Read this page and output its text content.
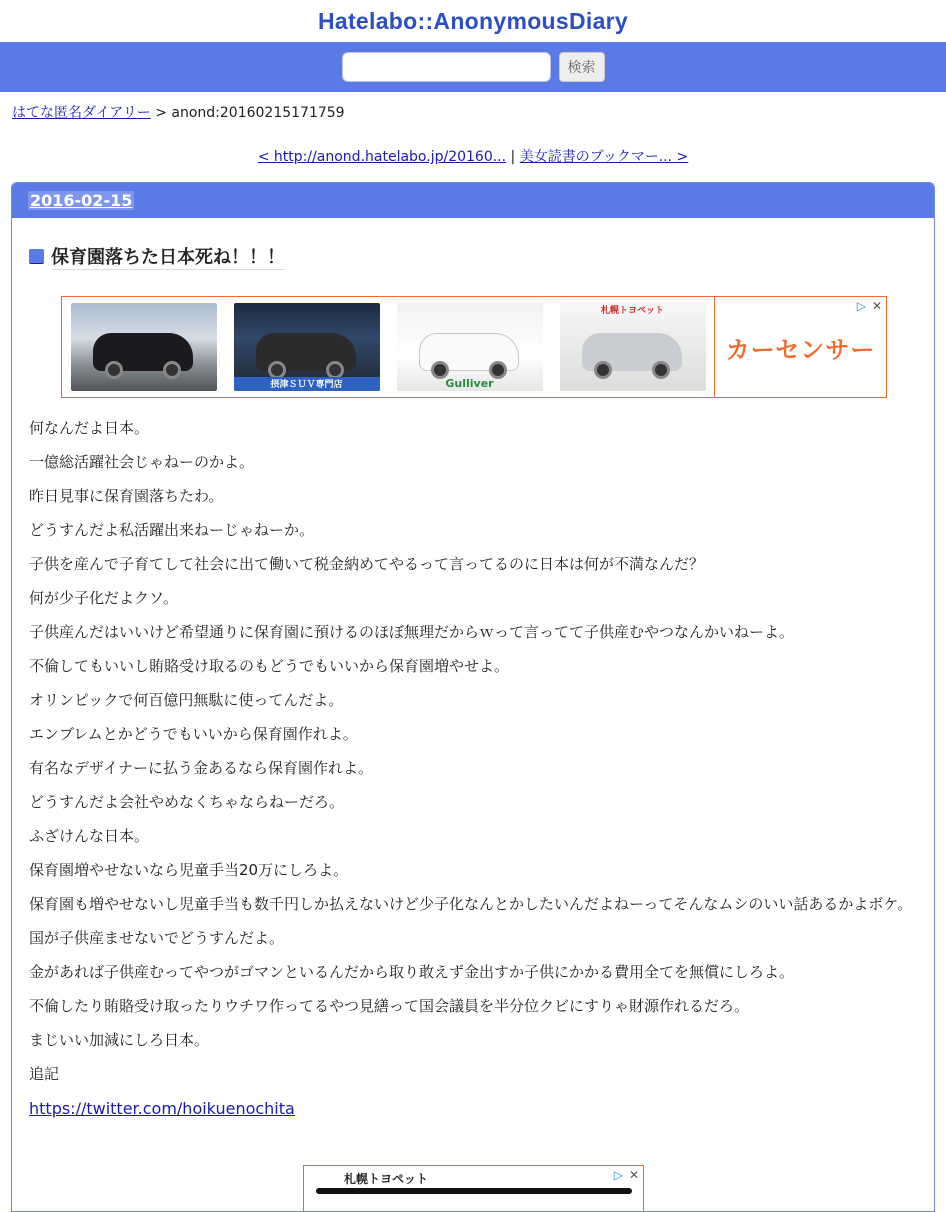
Hatelabo::AnonymousDiary
検索
はてな匿名ダイアリー > anond:20160215171759
< http://anond.hatelabo.jp/20160... | 美女読書のブックマー... >
2016-02-15
保育園落ちた日本死ね！！！
摂津ＳＵＶ専門店	Gulliver
札幌トヨペット
カーセンサー
▷ ✕

何なんだよ日本。

一億総活躍社会じゃねーのかよ。

昨日見事に保育園落ちたわ。

どうすんだよ私活躍出来ねーじゃねーか。

子供を産んで子育てして社会に出て働いて税金納めてやるって言ってるのに日本は何が不満なんだ？

何が少子化だよクソ。

子供産んだはいいけど希望通りに保育園に預けるのほぼ無理だからｗって言ってて子供産むやつなんかいねーよ。

不倫してもいいし賄賂受け取るのもどうでもいいから保育園増やせよ。

オリンピックで何百億円無駄に使ってんだよ。

エンブレムとかどうでもいいから保育園作れよ。

有名なデザイナーに払う金あるなら保育園作れよ。

どうすんだよ会社やめなくちゃならねーだろ。

ふざけんな日本。

保育園増やせないなら児童手当20万にしろよ。

保育園も増やせないし児童手当も数千円しか払えないけど少子化なんとかしたいんだよねーってそんなムシのいい話あるかよボケ。

国が子供産ませないでどうすんだよ。

金があれば子供産むってやつがゴマンといるんだから取り敢えず金出すか子供にかかる費用全てを無償にしろよ。

不倫したり賄賂受け取ったりウチワ作ってるやつ見繕って国会議員を半分位クビにすりゃ財源作れるだろ。

まじいい加減にしろ日本。

追記

https://twitter.com/hoikuenochita

札幌トヨペット	▷ ✕
